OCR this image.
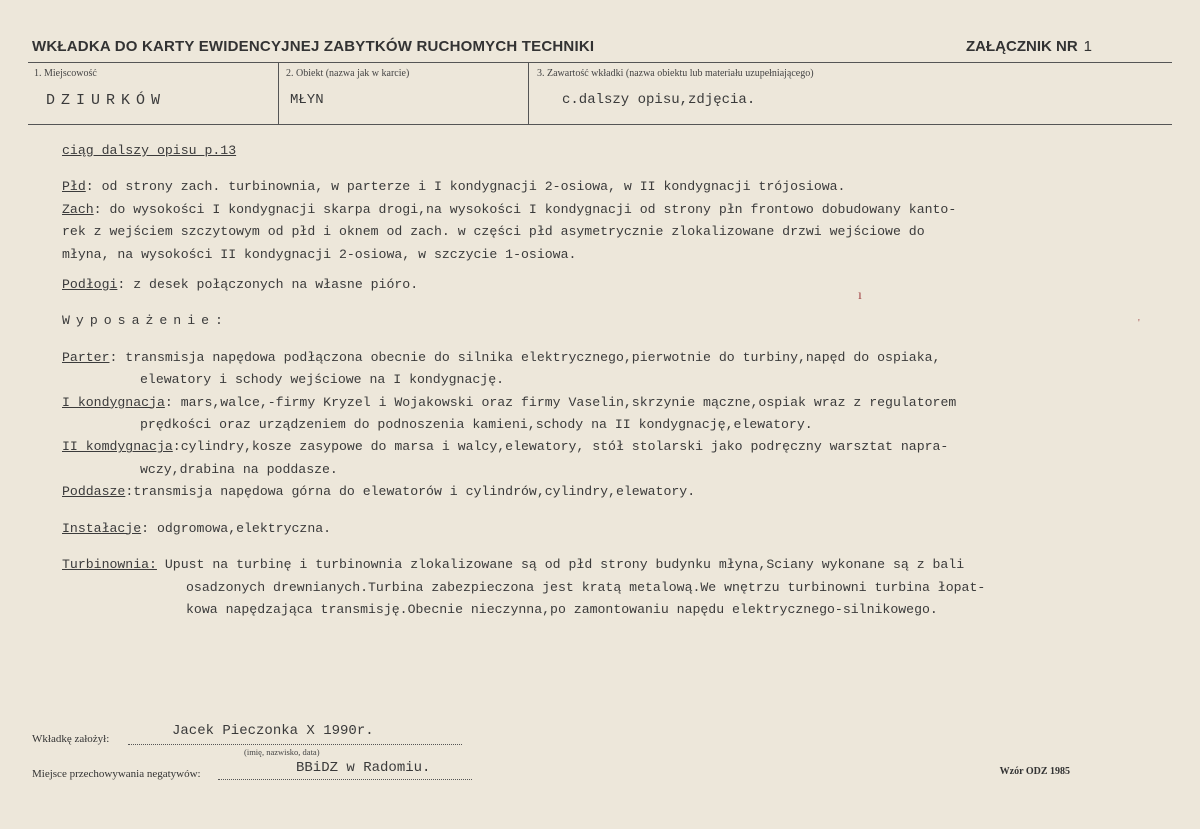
WKŁADKA DO KARTY EWIDENCYJNEJ ZABYTKÓW RUCHOMYCH TECHNIKI	ZAŁĄCZNIK NR 1
1. Miejscowość	2. Obiekt (nazwa jak w karcie)	3. Zawartość wkładki (nazwa obiektu lub materiału uzupełniającego)
DZIURKÓW	MŁYN	c.dalszy opisu,zdjęcia.

ciąg dalszy opisu p.13

Płd: od strony zach. turbinownia, w parterze i I kondygnacji 2-osiowa, w II kondygnacji trójosiowa.

Zach: do wysokości I kondygnacji skarpa drogi,na wysokości I kondygnacji od strony płn frontowo dobudowany kanto-

rek z wejściem szczytowym od płd i oknem od zach. w części płd asymetrycznie zlokalizowane drzwi wejściowe do

młyna, na wysokości II kondygnacji 2-osiowa, w szczycie 1-osiowa.

Podłogi: z desek połączonych na własne pióro.

Wyposażenie:

Parter: transmisja napędowa podłączona obecnie do silnika elektrycznego,pierwotnie do turbiny,napęd do ospiaka,

elewatory i schody wejściowe na I kondygnację.

I kondygnacja: mars,walce,-firmy Kryzel i Wojakowski oraz firmy Vaselin,skrzynie mączne,ospiak wraz z regulatorem

prędkości oraz urządzeniem do podnoszenia kamieni,schody na II kondygnację,elewatory.

II komdygnacja:cylindry,kosze zasypowe do marsa i walcy,elewatory, stół stolarski jako podręczny warsztat napra-

wczy,drabina na poddasze.

Poddasze:transmisja napędowa górna do elewatorów i cylindrów,cylindry,elewatory.

Instałacje: odgromowa,elektryczna.

Turbinownia: Upust na turbinę i turbinownia zlokalizowane są od płd strony budynku młyna,Sciany wykonane są z bali

osadzonych drewnianych.Turbina zabezpieczona jest kratą metalową.We wnętrzu turbinowni turbina łopat-

kowa napędzająca transmisję.Obecnie nieczynna,po zamontowaniu napędu elektrycznego-silnikowego.

ı
'
Wkładkę założył:	Jacek Pieczonka X 1990r.
(imię, nazwisko, data)
Miejsce przechowywania negatywów:	BBiDZ w Radomiu.	Wzór ODZ 1985
